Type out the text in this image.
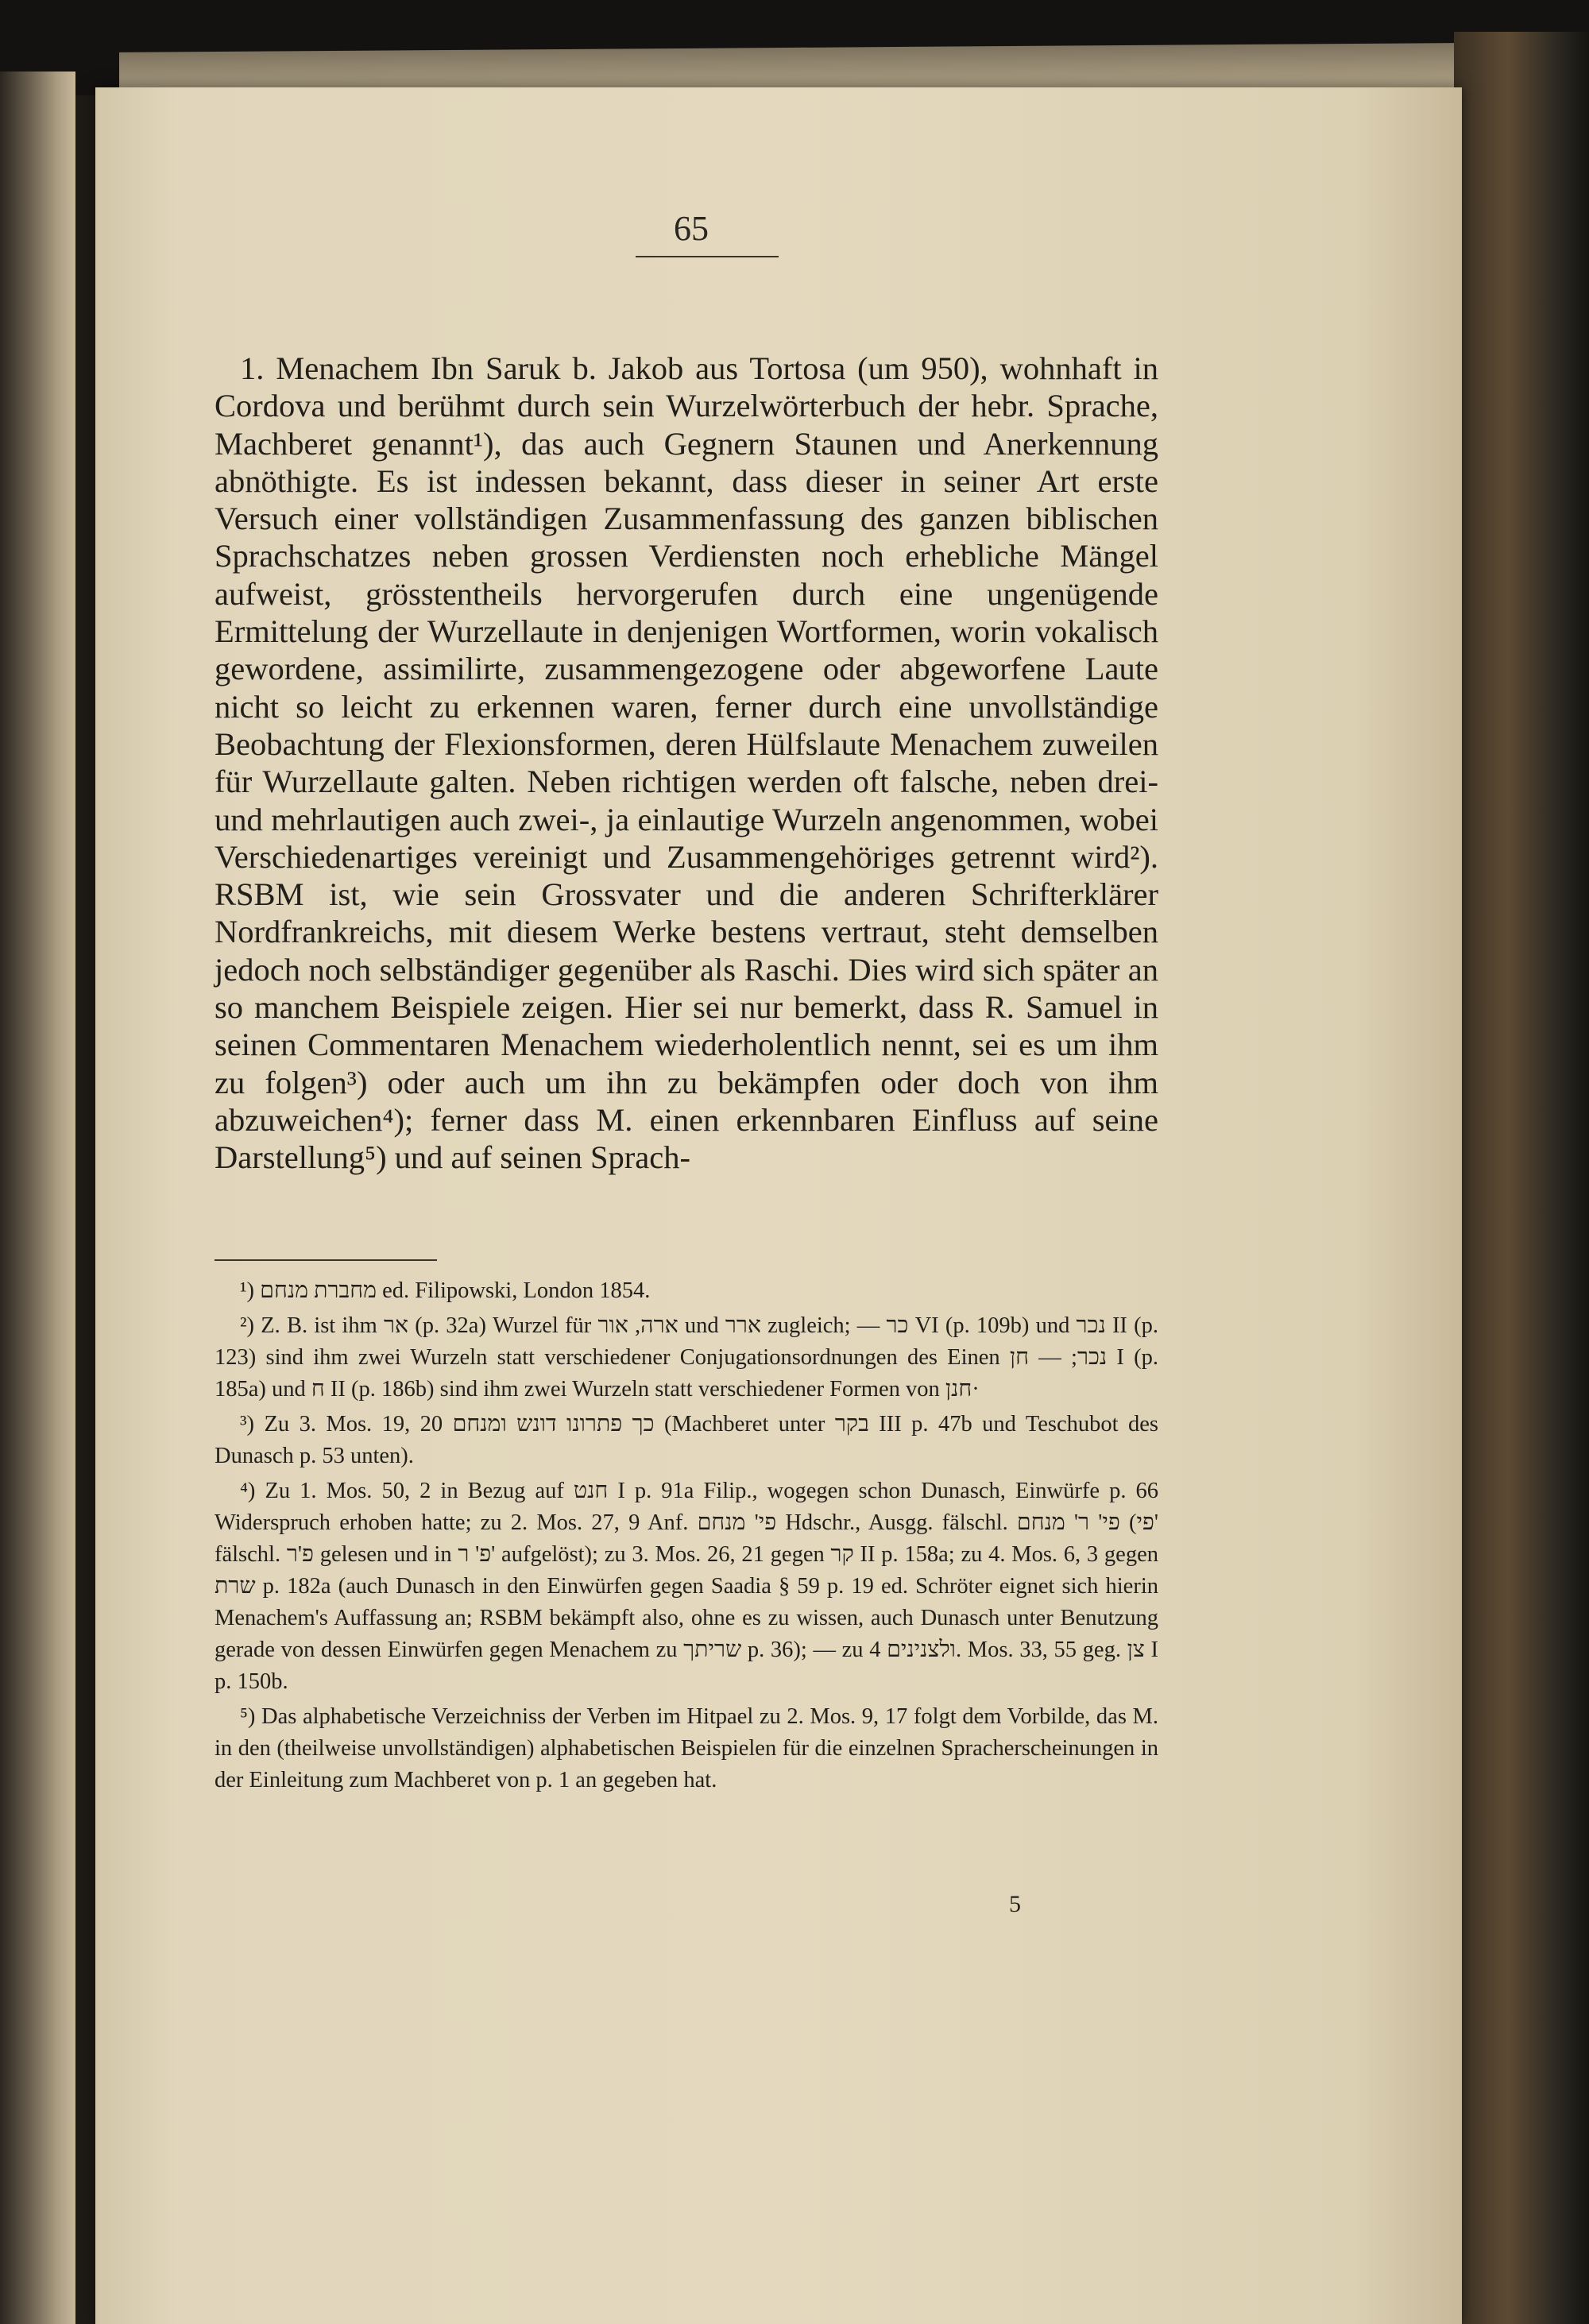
65
1. Menachem Ibn Saruk b. Jakob aus Tortosa (um 950), wohnhaft in Cordova und berühmt durch sein Wurzelwörterbuch der hebr. Sprache, Machberet genannt¹), das auch Gegnern Staunen und Anerkennung abnöthigte. Es ist indessen bekannt, dass dieser in seiner Art erste Versuch einer vollständigen Zusammenfassung des ganzen biblischen Sprachschatzes neben grossen Verdiensten noch erhebliche Mängel aufweist, grösstentheils hervorgerufen durch eine ungenügende Ermittelung der Wurzellaute in denjenigen Wortformen, worin vokalisch gewordene, assimilirte, zusammengezogene oder abgeworfene Laute nicht so leicht zu erkennen waren, ferner durch eine unvollständige Beobachtung der Flexionsformen, deren Hülfslaute Menachem zuweilen für Wurzellaute galten. Neben richtigen werden oft falsche, neben drei- und mehrlautigen auch zwei-, ja einlautige Wurzeln angenommen, wobei Verschiedenartiges vereinigt und Zusammengehöriges getrennt wird²). RSBM ist, wie sein Grossvater und die anderen Schrifterklärer Nordfrankreichs, mit diesem Werke bestens vertraut, steht demselben jedoch noch selbständiger gegenüber als Raschi. Dies wird sich später an so manchem Beispiele zeigen. Hier sei nur bemerkt, dass R. Samuel in seinen Commentaren Menachem wiederholentlich nennt, sei es um ihm zu folgen³) oder auch um ihn zu bekämpfen oder doch von ihm abzuweichen⁴); ferner dass M. einen erkennbaren Einfluss auf seine Darstellung⁵) und auf seinen Sprach-

¹) מחברת מנחם ed. Filipowski, London 1854.

²) Z. B. ist ihm אר (p. 32a) Wurzel für ארה, אור und ארר zugleich; — כר VI (p. 109b) und נכר II (p. 123) sind ihm zwei Wurzeln statt verschiedener Conjugationsordnungen des Einen נכר; — חן I (p. 185a) und ח II (p. 186b) sind ihm zwei Wurzeln statt verschiedener Formen von חנן·

³) Zu 3. Mos. 19, 20 כך פתרונו דונש ומנחם (Machberet unter בקר III p. 47b und Teschubot des Dunasch p. 53 unten).

⁴) Zu 1. Mos. 50, 2 in Bezug auf חנט I p. 91a Filip., wogegen schon Dunasch, Einwürfe p. 66 Widerspruch erhoben hatte; zu 2. Mos. 27, 9 Anf. פי' מנחם Hdschr., Ausgg. fälschl. פי' ר' מנחם (פי' fälschl. פ'ר gelesen und in פ' ר' aufgelöst); zu 3. Mos. 26, 21 gegen קר II p. 158a; zu 4. Mos. 6, 3 gegen שרת p. 182a (auch Dunasch in den Einwürfen gegen Saadia § 59 p. 19 ed. Schröter eignet sich hierin Menachem's Auffassung an; RSBM bekämpft also, ohne es zu wissen, auch Dunasch unter Benutzung gerade von dessen Einwürfen gegen Menachem zu שריתך p. 36); — zu ולצנינים 4. Mos. 33, 55 geg. צן I p. 150b.

⁵) Das alphabetische Verzeichniss der Verben im Hitpael zu 2. Mos. 9, 17 folgt dem Vorbilde, das M. in den (theilweise unvollständigen) alphabetischen Beispielen für die einzelnen Spracherscheinungen in der Einleitung zum Machberet von p. 1 an gegeben hat.

5
